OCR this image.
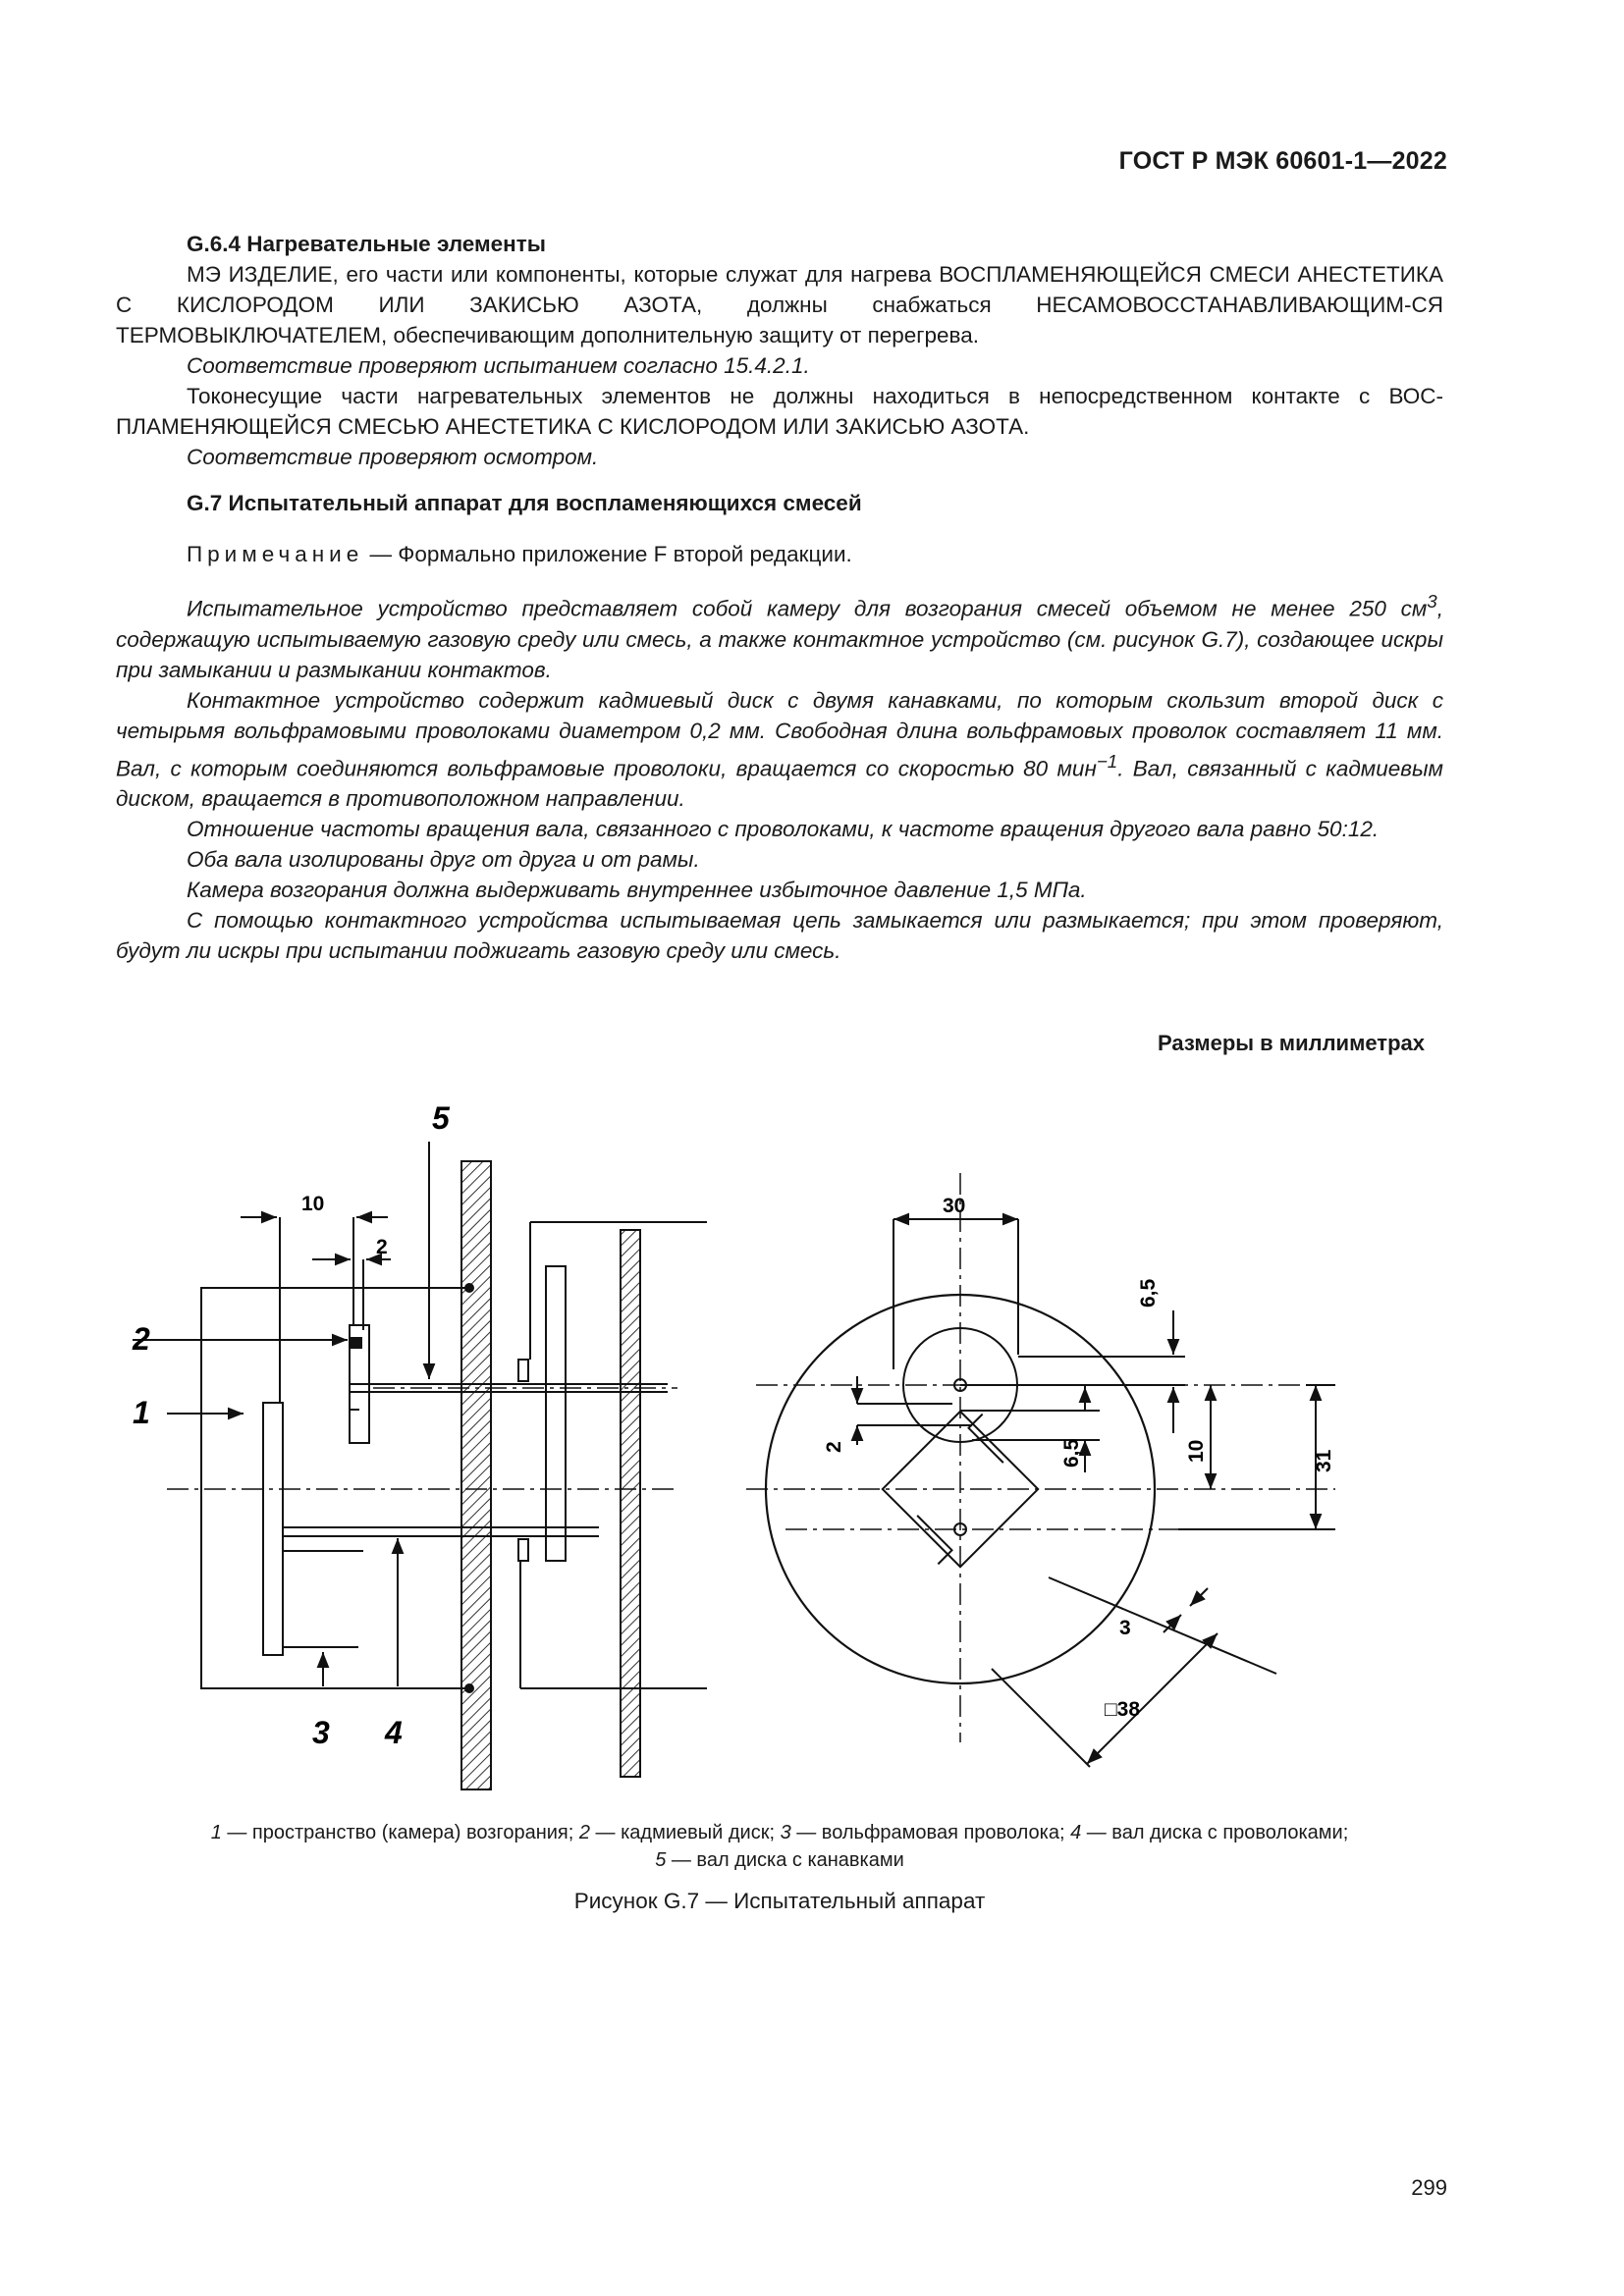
ГОСТ Р МЭК 60601-1—2022

G.6.4 Нагревательные элементы

МЭ ИЗДЕЛИЕ, его части или компоненты, которые служат для нагрева ВОСПЛАМЕНЯЮЩЕЙСЯ СМЕСИ АНЕСТЕТИКА С КИСЛОРОДОМ ИЛИ ЗАКИСЬЮ АЗОТА, должны снабжаться НЕСАМОВОССТАНАВЛИВАЮЩИМ-СЯ ТЕРМОВЫКЛЮЧАТЕЛЕМ, обеспечивающим дополнительную защиту от перегрева.

Соответствие проверяют испытанием согласно 15.4.2.1.

Токонесущие части нагревательных элементов не должны находиться в непосредственном контакте с ВОС-ПЛАМЕНЯЮЩЕЙСЯ СМЕСЬЮ АНЕСТЕТИКА С КИСЛОРОДОМ ИЛИ ЗАКИСЬЮ АЗОТА.

Соответствие проверяют осмотром.

G.7 Испытательный аппарат для воспламеняющихся смесей

Примечание — Формально приложение F второй редакции.

Испытательное устройство представляет собой камеру для возгорания смесей объемом не менее 250 $см^3$, содержащую испытываемую газовую среду или смесь, а также контактное устройство (см. рисунок G.7), создающее искры при замыкании и размыкании контактов.

Контактное устройство содержит кадмиевый диск с двумя канавками, по которым скользит второй диск с четырьмя вольфрамовыми проволоками диаметром 0,2 мм. Свободная длина вольфрамовых проволок составляет 11 мм. Вал, с которым соединяются вольфрамовые проволоки, вращается со скоростью 80 мин$^{-1}$. Вал, связанный с кадмиевым диском, вращается в противоположном направлении.

Отношение частоты вращения вала, связанного с проволоками, к частоте вращения другого вала равно 50:12.

Оба вала изолированы друг от друга и от рамы.

Камера возгорания должна выдерживать внутреннее избыточное давление 1,5 МПа.

С помощью контактного устройства испытываемая цепь замыкается или размыкается; при этом проверяют, будут ли искры при испытании поджигать газовую среду или смесь.

Размеры в миллиметрах
5
2
1
3 4
10
2
30
6,5
2	6,5	10	31
3
□38
1 — пространство (камера) возгорания; 2 — кадмиевый диск; 3 — вольфрамовая проволока; 4 — вал диска с проволоками;
5 — вал диска с канавками
Рисунок G.7 — Испытательный аппарат
299
